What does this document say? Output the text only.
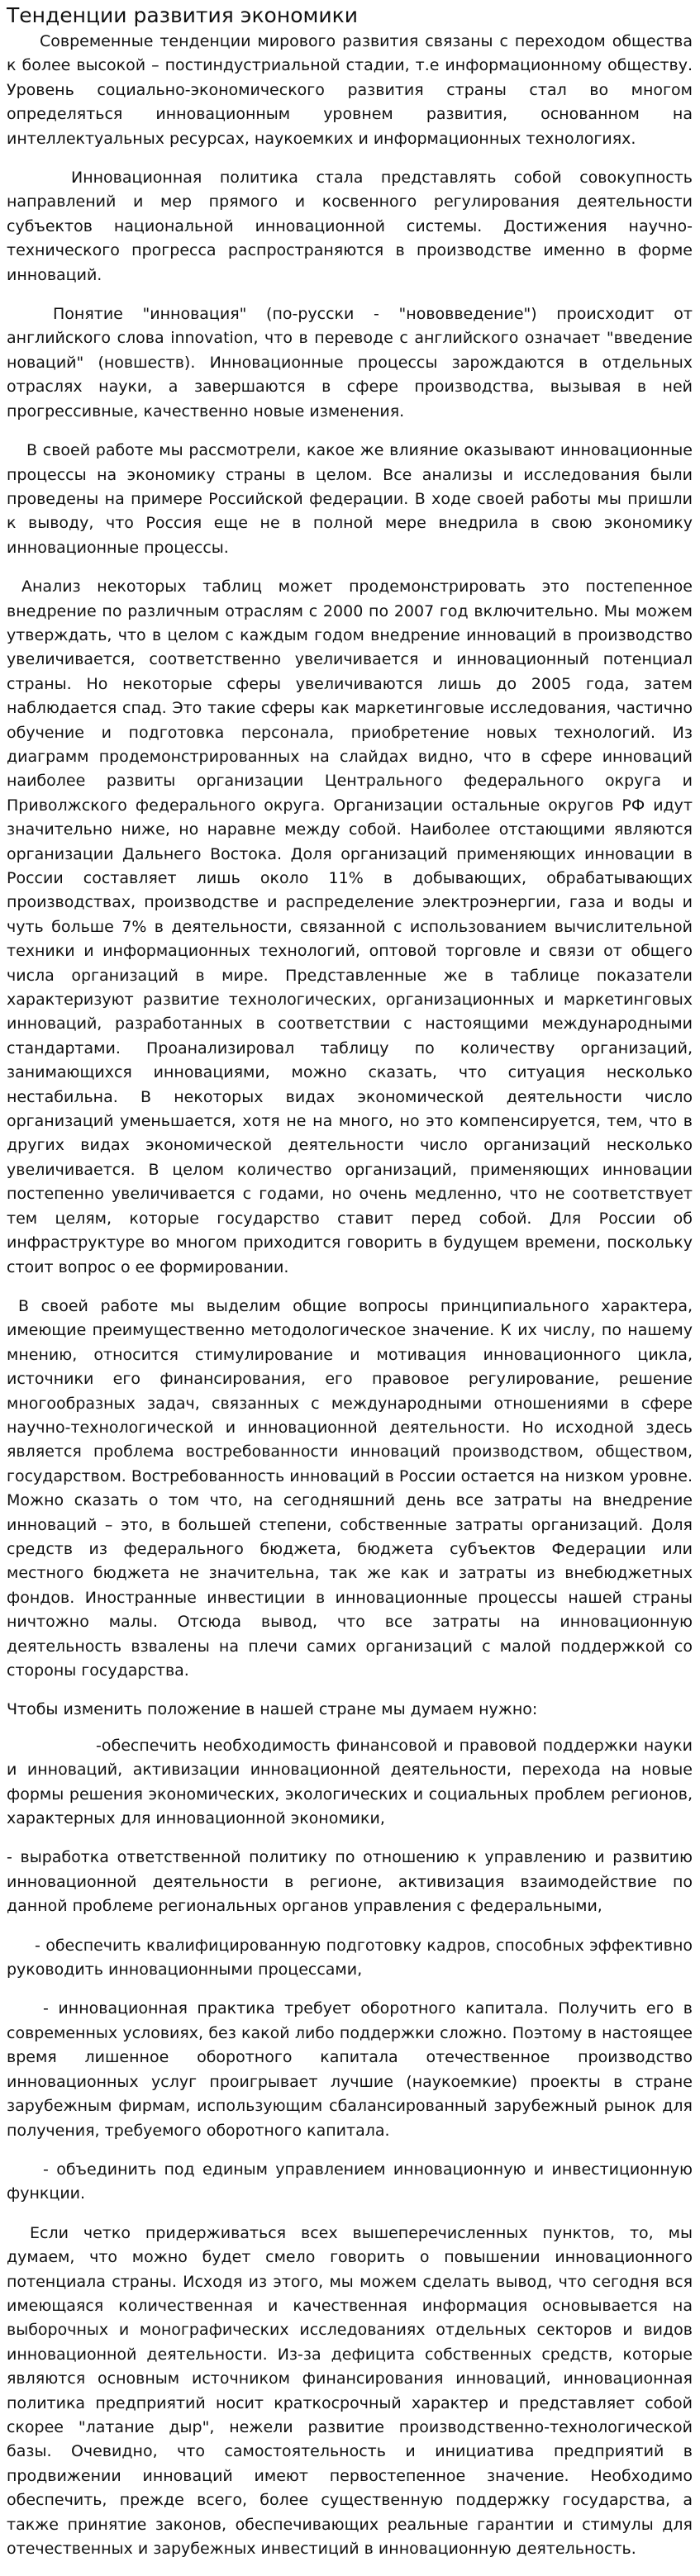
Тенденции развития экономики

Современные тенденции мирового развития связаны с переходом общества к более высокой – постиндустриальной стадии, т.е информационному обществу. Уровень социально-экономического развития страны стал во многом определяться инновационным уровнем развития, основанном на интеллектуальных ресурсах, наукоемких и информационных технологиях.

Инновационная политика стала представлять собой совокупность направлений и мер прямого и косвенного регулирования деятельности субъектов национальной инновационной системы. Достижения научно-технического прогресса распространяются в производстве именно в форме инноваций.

Понятие "инновация" (по-русски - "нововведение") происходит от английского слова innovation, что в переводе с английского означает "введение новаций" (новшеств). Инновационные процессы зарождаются в отдельных отраслях науки, а завершаются в сфере производства, вызывая в ней прогрессивные, качественно новые изменения.

В своей работе мы рассмотрели, какое же влияние оказывают инновационные процессы на экономику страны в целом. Все анализы и исследования были проведены на примере Российской федерации. В ходе своей работы мы пришли к выводу, что Россия еще не в полной мере внедрила в свою экономику инновационные процессы.

Анализ некоторых таблиц может продемонстрировать это постепенное внедрение по различным отраслям с 2000 по 2007 год включительно. Мы можем утверждать, что в целом с каждым годом внедрение инноваций в производство увеличивается, соответственно увеличивается и инновационный потенциал страны. Но некоторые сферы увеличиваются лишь до 2005 года, затем наблюдается спад. Это такие сферы как маркетинговые исследования, частично обучение и подготовка персонала, приобретение новых технологий. Из диаграмм продемонстрированных на слайдах видно, что в сфере инноваций наиболее развиты организации Центрального федерального округа и Приволжского федерального округа. Организации остальные округов РФ идут значительно ниже, но наравне между собой. Наиболее отстающими являются организации Дальнего Востока. Доля организаций применяющих инновации в России составляет лишь около 11% в добывающих, обрабатывающих производствах, производстве и распределение электроэнергии, газа и воды и чуть больше 7% в деятельности, связанной с использованием вычислительной техники и информационных технологий, оптовой торговле и связи от общего числа организаций в мире. Представленные же в таблице показатели характеризуют развитие технологических, организационных и маркетинговых инноваций, разработанных в соответствии с настоящими международными стандартами. Проанализировал таблицу по количеству организаций, занимающихся инновациями, можно сказать, что ситуация несколько нестабильна. В некоторых видах экономической деятельности число организаций уменьшается, хотя не на много, но это компенсируется, тем, что в других видах экономической деятельности число организаций несколько увеличивается. В целом количество организаций, применяющих инновации постепенно увеличивается с годами, но очень медленно, что не соответствует тем целям, которые государство ставит перед собой. Для России об инфраструктуре во многом приходится говорить в будущем времени, поскольку стоит вопрос о ее формировании.

В своей работе мы выделим общие вопросы принципиального характера, имеющие преимущественно методологическое значение. К их числу, по нашему мнению, относится стимулирование и мотивация инновационного цикла, источники его финансирования, его правовое регулирование, решение многообразных задач, связанных с международными отношениями в сфере научно-технологической и инновационной деятельности. Но исходной здесь является проблема востребованности инноваций производством, обществом, государством. Востребованность инноваций в России остается на низком уровне. Можно сказать о том что, на сегодняшний день все затраты на внедрение инноваций – это, в большей степени, собственные затраты организаций. Доля средств из федерального бюджета, бюджета субъектов Федерации или местного бюджета не значительна, так же как и затраты из внебюджетных фондов. Иностранные инвестиции в инновационные процессы нашей страны ничтожно малы. Отсюда вывод, что все затраты на инновационную деятельность взвалены на плечи самих организаций с малой поддержкой со стороны государства.

Чтобы изменить положение в нашей стране мы думаем нужно:

-обеспечить необходимость финансовой и правовой поддержки науки и инноваций, активизации инновационной деятельности, перехода на новые формы решения экономических, экологических и социальных проблем регионов, характерных для инновационной экономики,

- выработка ответственной политику по отношению к управлению и развитию инновационной деятельности в регионе, активизация взаимодействие по данной проблеме региональных органов управления с федеральными,

- обеспечить квалифицированную подготовку кадров, способных эффективно руководить инновационными процессами,

- инновационная практика требует оборотного капитала. Получить его в современных условиях, без какой либо поддержки сложно. Поэтому в настоящее время лишенное оборотного капитала отечественное производство инновационных услуг проигрывает лучшие (наукоемкие) проекты в стране зарубежным фирмам, использующим сбалансированный зарубежный рынок для получения, требуемого оборотного капитала.

- объединить под единым управлением инновационную и инвестиционную функции.

Если четко придерживаться всех вышеперечисленных пунктов, то, мы думаем, что можно будет смело говорить о повышении инновационного потенциала страны. Исходя из этого, мы можем сделать вывод, что сегодня вся имеющаяся количественная и качественная информация основывается на выборочных и монографических исследованиях отдельных секторов и видов инновационной деятельности. Из-за дефицита собственных средств, которые являются основным источником финансирования инноваций, инновационная политика предприятий носит краткосрочный характер и представляет собой скорее "латание дыр", нежели развитие производственно-технологической базы. Очевидно, что самостоятельность и инициатива предприятий в продвижении инноваций имеют первостепенное значение. Необходимо обеспечить, прежде всего, более существенную поддержку государства, а также принятие законов, обеспечивающих реальные гарантии и стимулы для отечественных и зарубежных инвестиций в инновационную деятельность.
